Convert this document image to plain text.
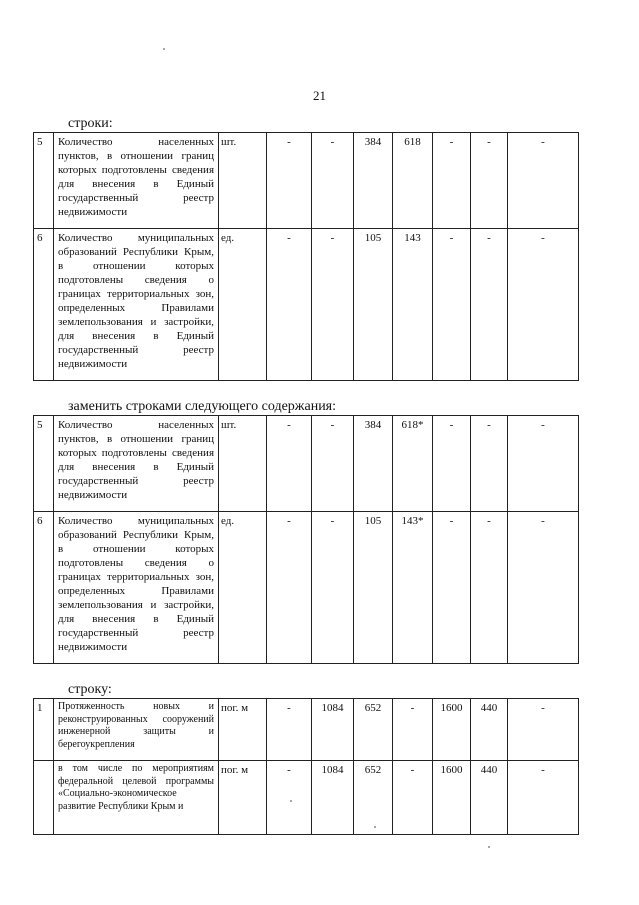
21
строки:
5	Количество населенных пунктов, в отношении границ которых подготовлены сведения для внесения в Единый государственный реестр недвижимости	шт.	-	-	384	618	-	-	-
6	Количество муниципальных образований Республики Крым, в отношении которых подготовлены сведения о границах территориальных зон, определенных Правилами землепользования и застройки, для внесения в Единый государственный реестр недвижимости	ед.	-	-	105	143	-	-	-
заменить строками следующего содержания:
5	Количество населенных пунктов, в отношении границ которых подготовлены сведения для внесения в Единый государственный реестр недвижимости	шт.	-	-	384	618*	-	-	-
6	Количество муниципальных образований Республики Крым, в отношении которых подготовлены сведения о границах территориальных зон, определенных Правилами землепользования и застройки, для внесения в Единый государственный реестр недвижимости	ед.	-	-	105	143*	-	-	-
строку:
1	Протяженность новых и реконструированных сооружений инженерной защиты и берегоукрепления	пог. м	-	1084	652	-	1600	440	-
	в том числе по мероприятиям федеральной целевой программы «Социально-экономическое развитие Республики Крым и	пог. м	-	1084	652	-	1600	440	-
